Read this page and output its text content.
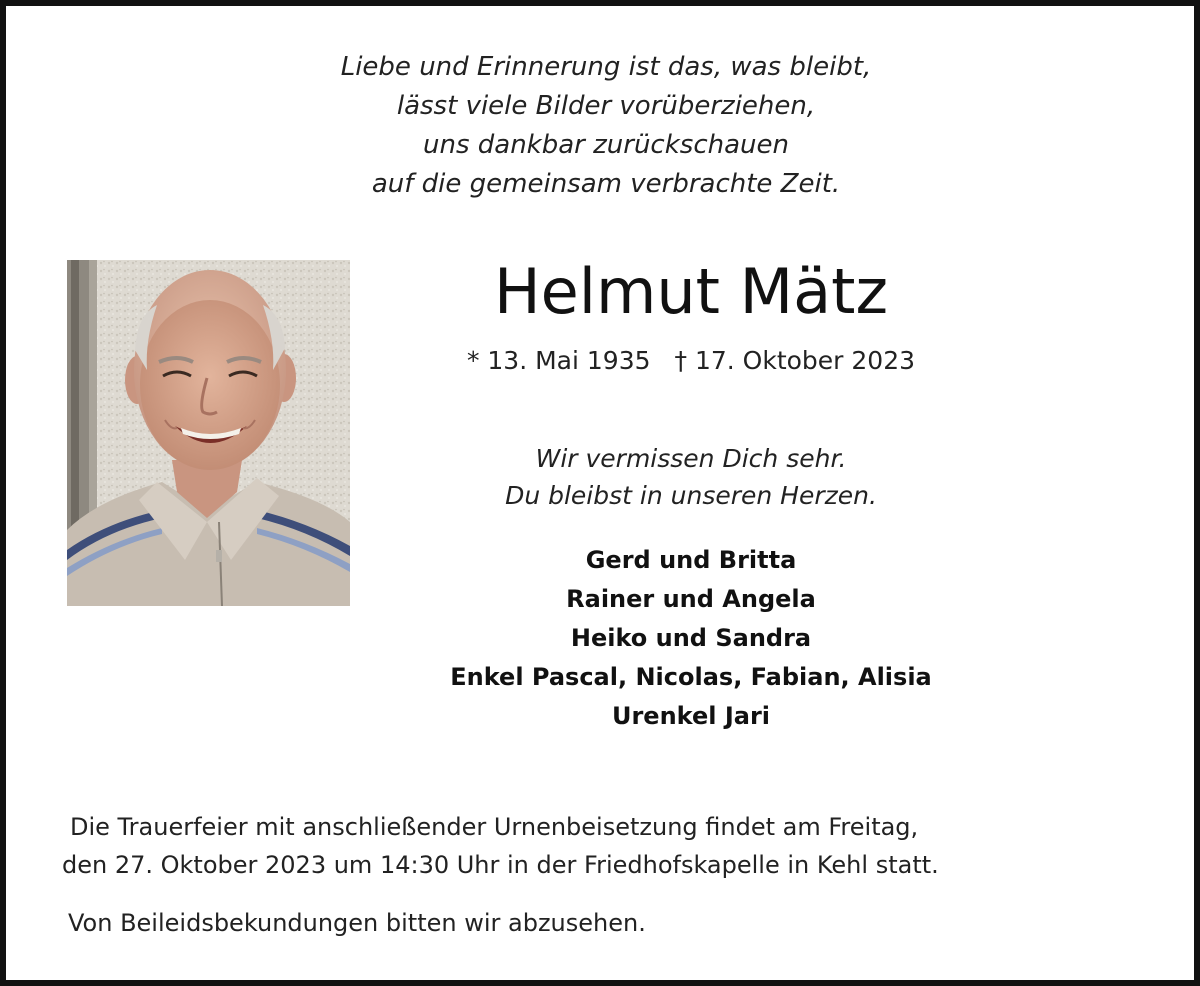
Liebe und Erinnerung ist das, was bleibt,
lässt viele Bilder vorüberziehen,
uns dankbar zurückschauen
auf die gemeinsam verbrachte Zeit.
Helmut Mätz
* 13. Mai 1935 † 17. Oktober 2023
Wir vermissen Dich sehr.
Du bleibst in unseren Herzen.
Gerd und Britta
Rainer und Angela
Heiko und Sandra
Enkel Pascal, Nicolas, Fabian, Alisia
Urenkel Jari
Die Trauerfeier mit anschließender Urnenbeisetzung findet am Freitag,
den 27. Oktober 2023 um 14:30 Uhr in der Friedhofskapelle in Kehl statt.
Von Beileidsbekundungen bitten wir abzusehen.
